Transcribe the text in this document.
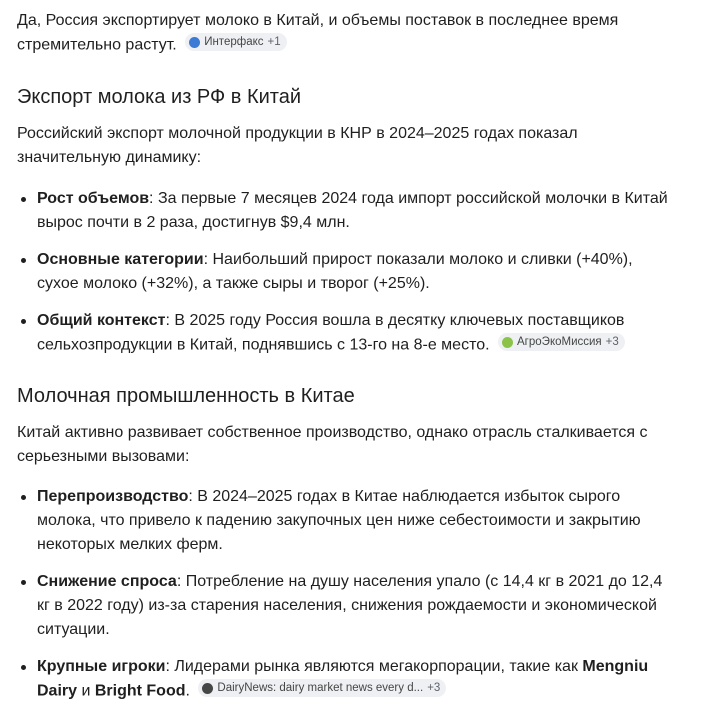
Да, Россия экспортирует молоко в Китай, и объемы поставок в последнее время стремительно растут. Интерфакс +1

Экспорт молока из РФ в Китай

Российский экспорт молочной продукции в КНР в 2024–2025 годах показал значительную динамику:

Рост объемов: За первые 7 месяцев 2024 года импорт российской молочки в Китай вырос почти в 2 раза, достигнув $9,4 млн.
Основные категории: Наибольший прирост показали молоко и сливки (+40%), сухое молоко (+32%), а также сыры и творог (+25%).
Общий контекст: В 2025 году Россия вошла в десятку ключевых поставщиков сельхозпродукции в Китай, поднявшись с 13-го на 8-е место. АгроЭкоМиссия +3
Молочная промышленность в Китае

Китай активно развивает собственное производство, однако отрасль сталкивается с серьезными вызовами:

Перепроизводство: В 2024–2025 годах в Китае наблюдается избыток сырого молока, что привело к падению закупочных цен ниже себестоимости и закрытию некоторых мелких ферм.
Снижение спроса: Потребление на душу населения упало (с 14,4 кг в 2021 до 12,4 кг в 2022 году) из-за старения населения, снижения рождаемости и экономической ситуации.
Крупные игроки: Лидерами рынка являются мегакорпорации, такие как Mengniu Dairy и Bright Food. DairyNews: dairy market news every d... +3
